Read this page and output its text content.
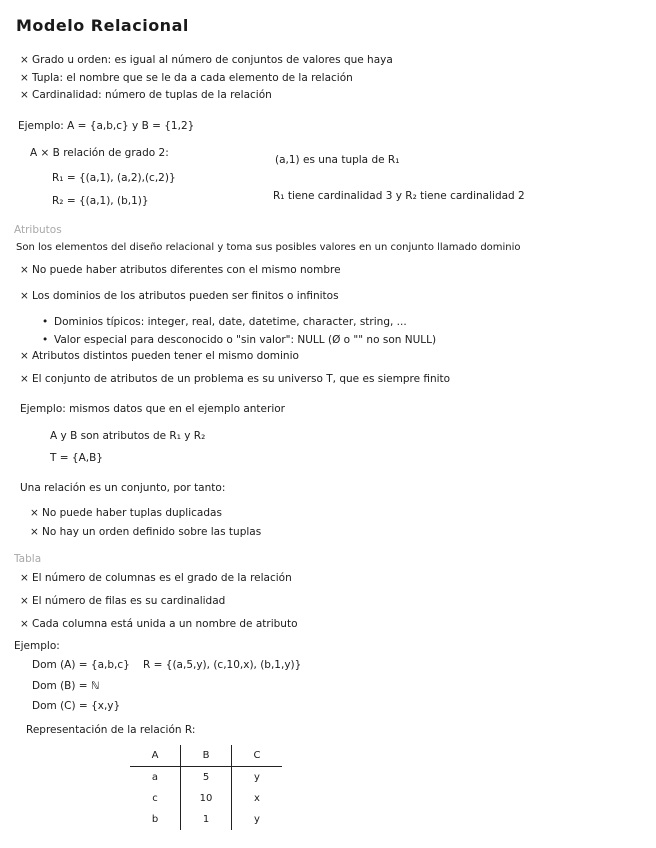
Modelo Relacional
× Grado u orden: es igual al número de conjuntos de valores que haya
× Tupla: el nombre que se le da a cada elemento de la relación
× Cardinalidad: número de tuplas de la relación
Ejemplo: A = {a,b,c} y B = {1,2}
A × B relación de grado 2:
R₁ = {(a,1), (a,2),(c,2)}
R₂ = {(a,1), (b,1)}
(a,1) es una tupla de R₁
R₁ tiene cardinalidad 3 y R₂ tiene cardinalidad 2
Atributos
Son los elementos del diseño relacional y toma sus posibles valores en un conjunto llamado dominio
× No puede haber atributos diferentes con el mismo nombre
× Los dominios de los atributos pueden ser finitos o infinitos
• Dominios típicos: integer, real, date, datetime, character, string, ...
• Valor especial para desconocido o "sin valor": NULL (Ø o "" no son NULL)
× Atributos distintos pueden tener el mismo dominio
× El conjunto de atributos de un problema es su universo T, que es siempre finito
Ejemplo: mismos datos que en el ejemplo anterior
A y B son atributos de R₁ y R₂
T = {A,B}
Una relación es un conjunto, por tanto:
× No puede haber tuplas duplicadas
× No hay un orden definido sobre las tuplas
Tabla
× El número de columnas es el grado de la relación
× El número de filas es su cardinalidad
× Cada columna está unida a un nombre de atributo
Ejemplo:
Dom (A) = {a,b,c} R = {(a,5,y), (c,10,x), (b,1,y)}
Dom (B) = ℕ
Dom (C) = {x,y}
Representación de la relación R:
A	B	C
a	5	y
c	10	x
b	1	y
